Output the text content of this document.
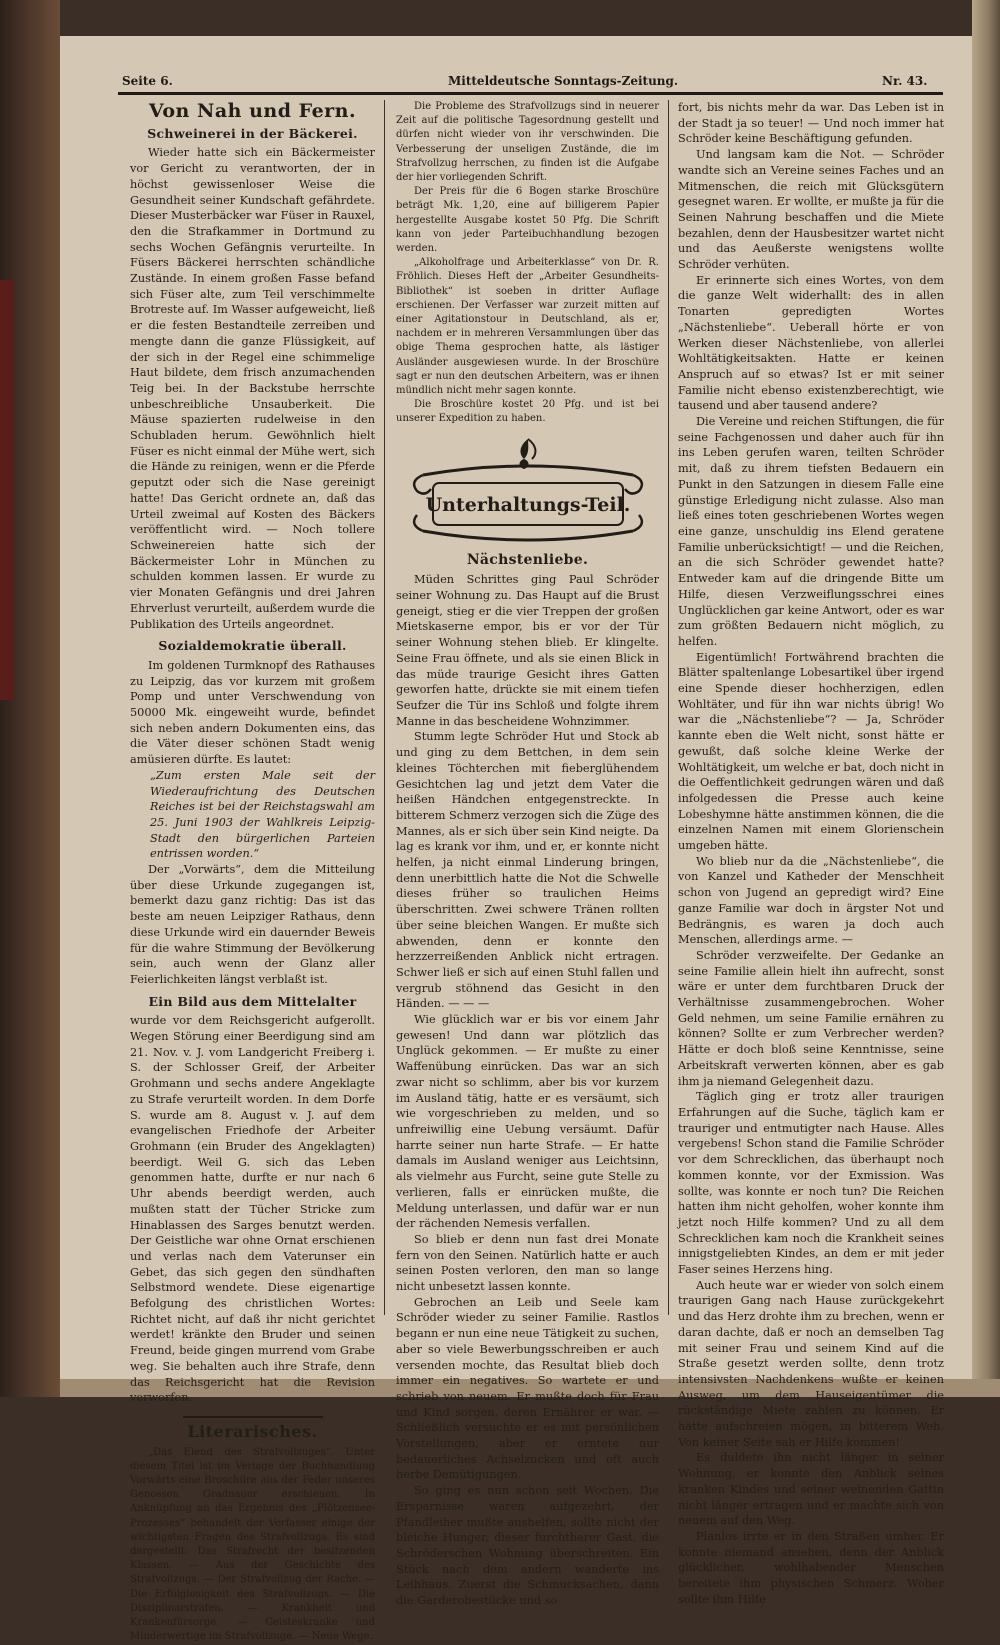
Seite 6.	Mitteldeutsche Sonntags-Zeitung.	Nr. 43.
Von Nah und Fern.
Schweinerei in der Bäckerei.

Wieder hatte sich ein Bäckermeister vor Gericht zu verantworten, der in höchst gewissenloser Weise die Gesundheit seiner Kundschaft gefährdete. Dieser Musterbäcker war Füser in Rauxel, den die Strafkammer in Dortmund zu sechs Wochen Gefängnis verurteilte. In Füsers Bäckerei herrschten schändliche Zustände. In einem großen Fasse befand sich Füser alte, zum Teil verschimmelte Brotreste auf. Im Wasser aufgeweicht, ließ er die festen Bestandteile zerreiben und mengte dann die ganze Flüssigkeit, auf der sich in der Regel eine schimmelige Haut bildete, dem frisch anzumachenden Teig bei. In der Backstube herrschte unbeschreibliche Unsauberkeit. Die Mäuse spazierten rudelweise in den Schubladen herum. Gewöhnlich hielt Füser es nicht einmal der Mühe wert, sich die Hände zu reinigen, wenn er die Pferde geputzt oder sich die Nase gereinigt hatte! Das Gericht ordnete an, daß das Urteil zweimal auf Kosten des Bäckers veröffentlicht wird. — Noch tollere Schweinereien hatte sich der Bäckermeister Lohr in München zu schulden kommen lassen. Er wurde zu vier Monaten Gefängnis und drei Jahren Ehrverlust verurteilt, außerdem wurde die Publikation des Urteils angeordnet.

Sozialdemokratie überall.

Im goldenen Turmknopf des Rathauses zu Leipzig, das vor kurzem mit großem Pomp und unter Verschwendung von 50000 Mk. eingeweiht wurde, befindet sich neben andern Dokumenten eins, das die Väter dieser schönen Stadt wenig amüsieren dürfte. Es lautet:

„Zum ersten Male seit der Wiederaufrichtung des Deutschen Reiches ist bei der Reichstagswahl am 25. Juni 1903 der Wahlkreis Leipzig-Stadt den bürgerlichen Parteien entrissen worden.“

Der „Vorwärts“, dem die Mitteilung über diese Urkunde zugegangen ist, bemerkt dazu ganz richtig: Das ist das beste am neuen Leipziger Rathaus, denn diese Urkunde wird ein dauernder Beweis für die wahre Stimmung der Bevölkerung sein, auch wenn der Glanz aller Feierlichkeiten längst verblaßt ist.

Ein Bild aus dem Mittelalter

wurde vor dem Reichsgericht aufgerollt. Wegen Störung einer Beerdigung sind am 21. Nov. v. J. vom Landgericht Freiberg i. S. der Schlosser Greif, der Arbeiter Grohmann und sechs andere Angeklagte zu Strafe verurteilt worden. In dem Dorfe S. wurde am 8. August v. J. auf dem evangelischen Friedhofe der Arbeiter Grohmann (ein Bruder des Angeklagten) beerdigt. Weil G. sich das Leben genommen hatte, durfte er nur nach 6 Uhr abends beerdigt werden, auch mußten statt der Tücher Stricke zum Hinablassen des Sarges benutzt werden. Der Geistliche war ohne Ornat erschienen und verlas nach dem Vaterunser ein Gebet, das sich gegen den sündhaften Selbstmord wendete. Diese eigenartige Befolgung des christlichen Wortes: Richtet nicht, auf daß ihr nicht gerichtet werdet! kränkte den Bruder und seinen Freund, beide gingen murrend vom Grabe weg. Sie behalten auch ihre Strafe, denn das Reichsgericht hat die Revision verworfen.

Literarisches.

„Das Elend des Strafvollzuges“. Unter diesem Titel ist im Verlage der Buchhandlung Vorwärts eine Broschüre aus der Feder unseres Genossen Gradnauer erschienen. In Anknüpfung an das Ergebnis des „Plötzensee-Prozesses“ behandelt der Verfasser einige der wichtigsten Fragen des Strafvollzugs. Es sind dargestellt: Das Strafrecht der besitzenden Klassen. — Aus der Geschichte des Strafvollzugs. — Der Strafvollzug der Rache. — Die Erfolglosigkeit des Strafvollzugs. — Die Disziplinarstrafen. — Krankheit und Krankenfürsorge. — Geisteskranke und Minderwertige im Strafvollzuge. — Neue Wege.

Die Probleme des Strafvollzugs sind in neuerer Zeit auf die politische Tagesordnung gestellt und dürfen nicht wieder von ihr verschwinden. Die Verbesserung der unseligen Zustände, die im Strafvollzug herrschen, zu finden ist die Aufgabe der hier vorliegenden Schrift.

Der Preis für die 6 Bogen starke Broschüre beträgt Mk. 1,20, eine auf billigerem Papier hergestellte Ausgabe kostet 50 Pfg. Die Schrift kann von jeder Parteibuchhandlung bezogen werden.

„Alkoholfrage und Arbeiterklasse“ von Dr. R. Fröhlich. Dieses Heft der „Arbeiter Gesundheits-Bibliothek“ ist soeben in dritter Auflage erschienen. Der Verfasser war zurzeit mitten auf einer Agitationstour in Deutschland, als er, nachdem er in mehreren Versammlungen über das obige Thema gesprochen hatte, als lästiger Ausländer ausgewiesen wurde. In der Broschüre sagt er nun den deutschen Arbeitern, was er ihnen mündlich nicht mehr sagen konnte.

Die Broschüre kostet 20 Pfg. und ist bei unserer Expedition zu haben.

Unterhaltungs-Teil.
Nächstenliebe.

Müden Schrittes ging Paul Schröder seiner Wohnung zu. Das Haupt auf die Brust geneigt, stieg er die vier Treppen der großen Mietskaserne empor, bis er vor der Tür seiner Wohnung stehen blieb. Er klingelte. Seine Frau öffnete, und als sie einen Blick in das müde traurige Gesicht ihres Gatten geworfen hatte, drückte sie mit einem tiefen Seufzer die Tür ins Schloß und folgte ihrem Manne in das bescheidene Wohnzimmer.

Stumm legte Schröder Hut und Stock ab und ging zu dem Bettchen, in dem sein kleines Töchterchen mit fieberglühendem Gesichtchen lag und jetzt dem Vater die heißen Händchen entgegenstreckte. In bitterem Schmerz verzogen sich die Züge des Mannes, als er sich über sein Kind neigte. Da lag es krank vor ihm, und er, er konnte nicht helfen, ja nicht einmal Linderung bringen, denn unerbittlich hatte die Not die Schwelle dieses früher so traulichen Heims überschritten. Zwei schwere Tränen rollten über seine bleichen Wangen. Er mußte sich abwenden, denn er konnte den herzzerreißenden Anblick nicht ertragen. Schwer ließ er sich auf einen Stuhl fallen und vergrub stöhnend das Gesicht in den Händen. — — —

Wie glücklich war er bis vor einem Jahr gewesen! Und dann war plötzlich das Unglück gekommen. — Er mußte zu einer Waffenübung einrücken. Das war an sich zwar nicht so schlimm, aber bis vor kurzem im Ausland tätig, hatte er es versäumt, sich wie vorgeschrieben zu melden, und so unfreiwillig eine Uebung versäumt. Dafür harrte seiner nun harte Strafe. — Er hatte damals im Ausland weniger aus Leichtsinn, als vielmehr aus Furcht, seine gute Stelle zu verlieren, falls er einrücken mußte, die Meldung unterlassen, und dafür war er nun der rächenden Nemesis verfallen.

So blieb er denn nun fast drei Monate fern von den Seinen. Natürlich hatte er auch seinen Posten verloren, den man so lange nicht unbesetzt lassen konnte.

Gebrochen an Leib und Seele kam Schröder wieder zu seiner Familie. Rastlos begann er nun eine neue Tätigkeit zu suchen, aber so viele Bewerbungsschreiben er auch versenden mochte, das Resultat blieb doch immer ein negatives. So wartete er und schrieb von neuem. Er mußte doch für Frau und Kind sorgen, deren Ernährer er war. — Schließlich versuchte er es mit persönlichen Vorstellungen, aber er erntete nur bedauerliches Achselzucken und oft auch herbe Demütigungen.

So ging es nun schon seit Wochen. Die Ersparnisse waren aufgezehrt, der Pfandleiher mußte aushelfen, sollte nicht der bleiche Hunger, dieser furchtbarer Gast, die Schröderschen Wohnung überschreiten. Ein Stück nach dem andern wanderte ins Leihhaus. Zuerst die Schmucksachen, dann die Garderobestücke und so

fort, bis nichts mehr da war. Das Leben ist in der Stadt ja so teuer! — Und noch immer hat Schröder keine Beschäftigung gefunden.

Und langsam kam die Not. — Schröder wandte sich an Vereine seines Faches und an Mitmenschen, die reich mit Glücksgütern gesegnet waren. Er wollte, er mußte ja für die Seinen Nahrung beschaffen und die Miete bezahlen, denn der Hausbesitzer wartet nicht und das Aeußerste wenigstens wollte Schröder verhüten.

Er erinnerte sich eines Wortes, von dem die ganze Welt widerhallt: des in allen Tonarten gepredigten Wortes „Nächstenliebe“. Ueberall hörte er von Werken dieser Nächstenliebe, von allerlei Wohltätigkeitsakten. Hatte er keinen Anspruch auf so etwas? Ist er mit seiner Familie nicht ebenso existenzberechtigt, wie tausend und aber tausend andere?

Die Vereine und reichen Stiftungen, die für seine Fachgenossen und daher auch für ihn ins Leben gerufen waren, teilten Schröder mit, daß zu ihrem tiefsten Bedauern ein Punkt in den Satzungen in diesem Falle eine günstige Erledigung nicht zulasse. Also man ließ eines toten geschriebenen Wortes wegen eine ganze, unschuldig ins Elend geratene Familie unberücksichtigt! — und die Reichen, an die sich Schröder gewendet hatte? Entweder kam auf die dringende Bitte um Hilfe, diesen Verzweiflungsschrei eines Unglücklichen gar keine Antwort, oder es war zum größten Bedauern nicht möglich, zu helfen.

Eigentümlich! Fortwährend brachten die Blätter spaltenlange Lobesartikel über irgend eine Spende dieser hochherzigen, edlen Wohltäter, und für ihn war nichts übrig! Wo war die „Nächstenliebe“? — Ja, Schröder kannte eben die Welt nicht, sonst hätte er gewußt, daß solche kleine Werke der Wohltätigkeit, um welche er bat, doch nicht in die Oeffentlichkeit gedrungen wären und daß infolgedessen die Presse auch keine Lobeshymne hätte anstimmen können, die die einzelnen Namen mit einem Glorienschein umgeben hätte.

Wo blieb nur da die „Nächstenliebe“, die von Kanzel und Katheder der Menschheit schon von Jugend an gepredigt wird? Eine ganze Familie war doch in ärgster Not und Bedrängnis, es waren ja doch auch Menschen, allerdings arme. —

Schröder verzweifelte. Der Gedanke an seine Familie allein hielt ihn aufrecht, sonst wäre er unter dem furchtbaren Druck der Verhältnisse zusammengebrochen. Woher Geld nehmen, um seine Familie ernähren zu können? Sollte er zum Verbrecher werden? Hätte er doch bloß seine Kenntnisse, seine Arbeitskraft verwerten können, aber es gab ihm ja niemand Gelegenheit dazu.

Täglich ging er trotz aller traurigen Erfahrungen auf die Suche, täglich kam er trauriger und entmutigter nach Hause. Alles vergebens! Schon stand die Familie Schröder vor dem Schrecklichen, das überhaupt noch kommen konnte, vor der Exmission. Was sollte, was konnte er noch tun? Die Reichen hatten ihm nicht geholfen, woher konnte ihm jetzt noch Hilfe kommen? Und zu all dem Schrecklichen kam noch die Krankheit seines innigstgeliebten Kindes, an dem er mit jeder Faser seines Herzens hing.

Auch heute war er wieder von solch einem traurigen Gang nach Hause zurückgekehrt und das Herz drohte ihm zu brechen, wenn er daran dachte, daß er noch an demselben Tag mit seiner Frau und seinem Kind auf die Straße gesetzt werden sollte, denn trotz intensivsten Nachdenkens wußte er keinen Ausweg, um dem Hauseigentümer die rückständige Miete zahlen zu können. Er hätte aufschreien mögen, in bitterem Weh. Von keiner Seite sah er Hilfe kommen!

Es duldete ihn nicht länger in seiner Wohnung, er konnte den Anblick seines kranken Kindes und seiner weinenden Gattin nicht länger ertragen und er machte sich von neuem auf den Weg.

Planlos irrte er in den Straßen umher. Er konnte niemand ansehen, denn der Anblick glücklicher, wohlhabender Menschen bereitete ihm physischen Schmerz. Woher sollte ihm Hilfe
